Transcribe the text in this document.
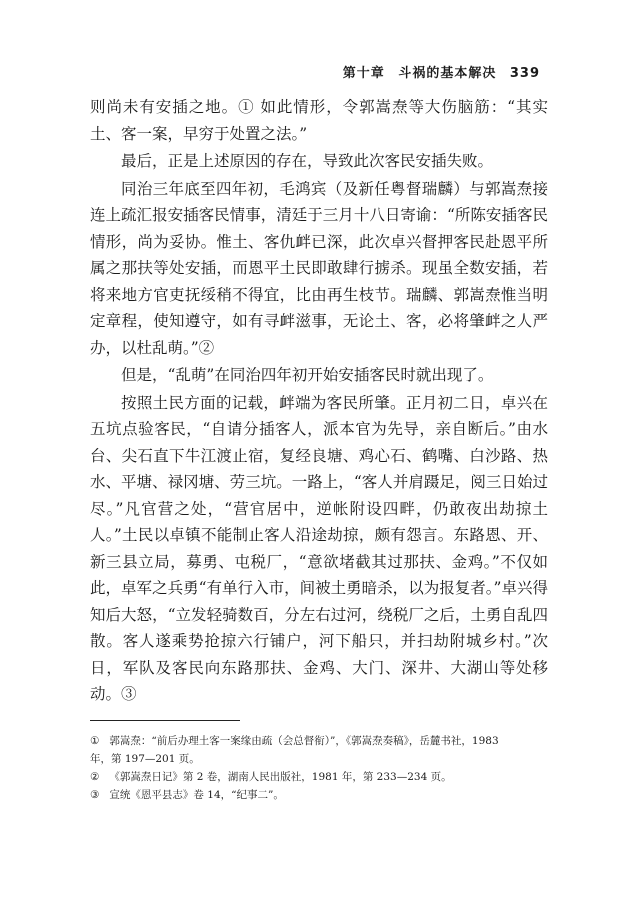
第十章 斗祸的基本解决 339

则尚未有安插之地。① 如此情形，令郭嵩焘等大伤脑筋：“其实土、客一案，早穷于处置之法。”

最后，正是上述原因的存在，导致此次客民安插失败。

同治三年底至四年初，毛鸿宾（及新任粤督瑞麟）与郭嵩焘接连上疏汇报安插客民情事，清廷于三月十八日寄谕：“所陈安插客民情形，尚为妥协。惟土、客仇衅已深，此次卓兴督押客民赴恩平所属之那扶等处安插，而恩平土民即敢肆行掳杀。现虽全数安插，若将来地方官吏抚绥稍不得宜，比由再生枝节。瑞麟、郭嵩焘惟当明定章程，使知遵守，如有寻衅滋事，无论土、客，必将肇衅之人严办，以杜乱萌。”②

但是，“乱萌”在同治四年初开始安插客民时就出现了。

按照土民方面的记载，衅端为客民所肇。正月初二日，卓兴在五坑点验客民，“自请分插客人，派本官为先导，亲自断后。”由水台、尖石直下牛江渡止宿，复经良塘、鸡心石、鹤嘴、白沙路、热水、平塘、禄冈塘、劳三坑。一路上，“客人并肩蹑足，阅三日始过尽。”凡官营之处，“营官居中，逆帐附设四畔，仍敢夜出劫掠土人。”土民以卓镇不能制止客人沿途劫掠，颇有怨言。东路恩、开、新三县立局，募勇、屯税厂，“意欲堵截其过那扶、金鸡。”不仅如此，卓军之兵勇“有单行入市，间被土勇暗杀，以为报复者。”卓兴得知后大怒，“立发轻骑数百，分左右过河，绕税厂之后，土勇自乱四散。客人遂乘势抢掠六行铺户，河下船只，并扫劫附城乡村。”次日，军队及客民向东路那扶、金鸡、大门、深井、大湖山等处移动。③

① 郭嵩焘：“前后办理土客一案缘由疏（会总督衔）”，《郭嵩焘奏稿》，岳麓书社，1983
年，第 197—201 页。
② 《郭嵩焘日记》第 2 卷，湖南人民出版社，1981 年，第 233—234 页。
③ 宣统《恩平县志》卷 14，“纪事二”。
